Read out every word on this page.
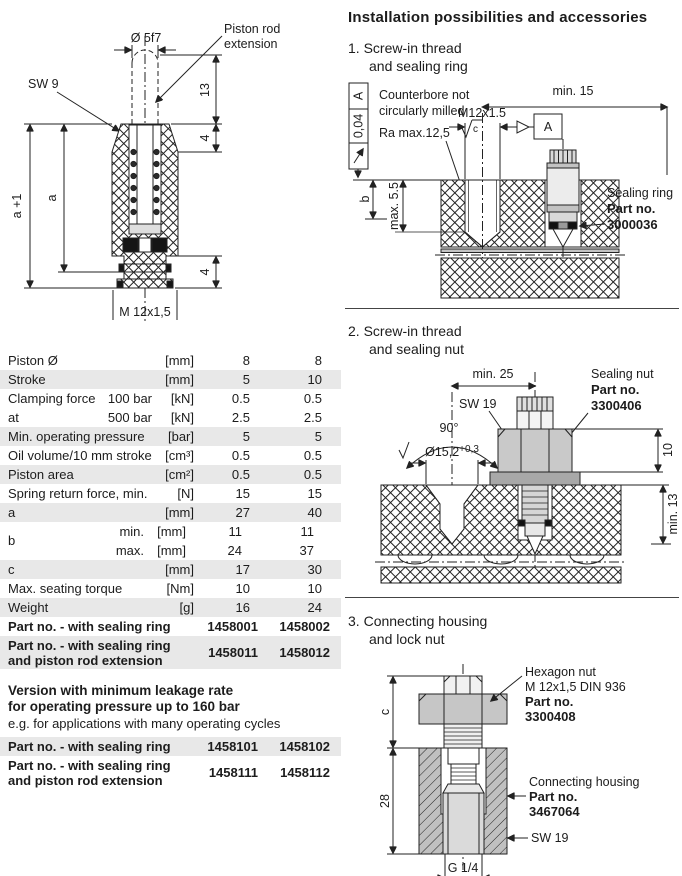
Ø 5f7
Piston rod
extension
SW 9
a +1 a
13
4
4
M 12x1,5
Piston Ø	[mm]	8	8
Stroke	[mm]	5	10
Clamping force 100 bar	[kN]	0.5	0.5
at	500 bar	[kN]	2.5	2.5
Min. operating pressure	[bar]	5	5
Oil volume/10 mm stroke	[cm³]	0.5	0.5
Piston area	[cm²]	0.5	0.5
Spring return force, min.	[N]	15	15
a	[mm]	27	40
b
min.	[mm]	11	11
max.	[mm]	24	37
c	[mm]	17	30
Max. seating torque	[Nm]	10	10
Weight	[g]	16	24
Part no. - with sealing ring	1458001	1458002
Part no. - with sealing ring
and piston rod extension	1458011	1458012
Version with minimum leakage rate
for operating pressure up to 160 bar
e.g. for applications with many operating cycles
Part no. - with sealing ring	1458101	1458102
Part no. - with sealing ring
and piston rod extension	1458111	1458112
Installation possibilities and accessories
1. Screw-in thread
and sealing ring
A
0,04
Counterbore not
circularly milled
Ra max.12,5 c
M12x1.5
A
min. 15
b max. 5.5	Sealing ring
Part no.
3000036
2. Screw-in thread
and sealing nut
min. 25
SW 19
Sealing nut
Part no.
3300406
90°
$Ø15,2^{+0,3}$	10
min. 13
3. Connecting housing
and lock nut
c
28
G 1/4
Hexagon nut
M 12x1,5 DIN 936
Part no.
3300408
Connecting housing
Part no.
3467064
SW 19
